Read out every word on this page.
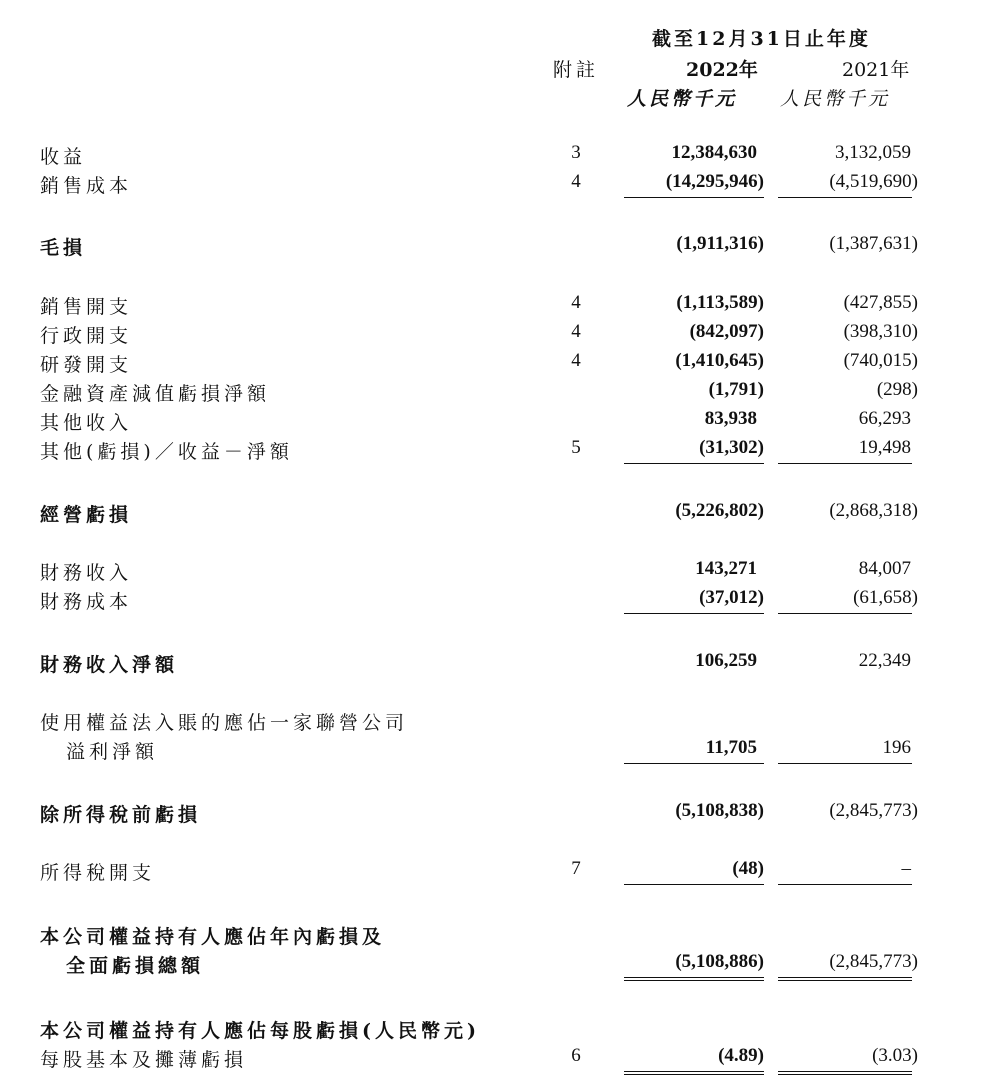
截至12月31日止年度
附註	2022年	2021年
人民幣千元 人民幣千元
收益	3	12,384,630	3,132,059
銷售成本	4	(14,295,946)	(4,519,690)
毛損	(1,911,316)	(1,387,631)
銷售開支	4	(1,113,589)	(427,855)
行政開支	4	(842,097)	(398,310)
研發開支	4	(1,410,645)	(740,015)
金融資產減值虧損淨額	(1,791)	(298)
其他收入	83,938	66,293
其他(虧損)／收益－淨額	5	(31,302)	19,498
經營虧損	(5,226,802)	(2,868,318)
財務收入	143,271	84,007
財務成本	(37,012)	(61,658)
財務收入淨額	106,259	22,349
使用權益法入賬的應佔一家聯營公司
溢利淨額	11,705	196
除所得稅前虧損	(5,108,838)	(2,845,773)
所得稅開支	7	(48)	–
本公司權益持有人應佔年內虧損及
全面虧損總額	(5,108,886)	(2,845,773)
本公司權益持有人應佔每股虧損(人民幣元)
每股基本及攤薄虧損	6	(4.89)	(3.03)
